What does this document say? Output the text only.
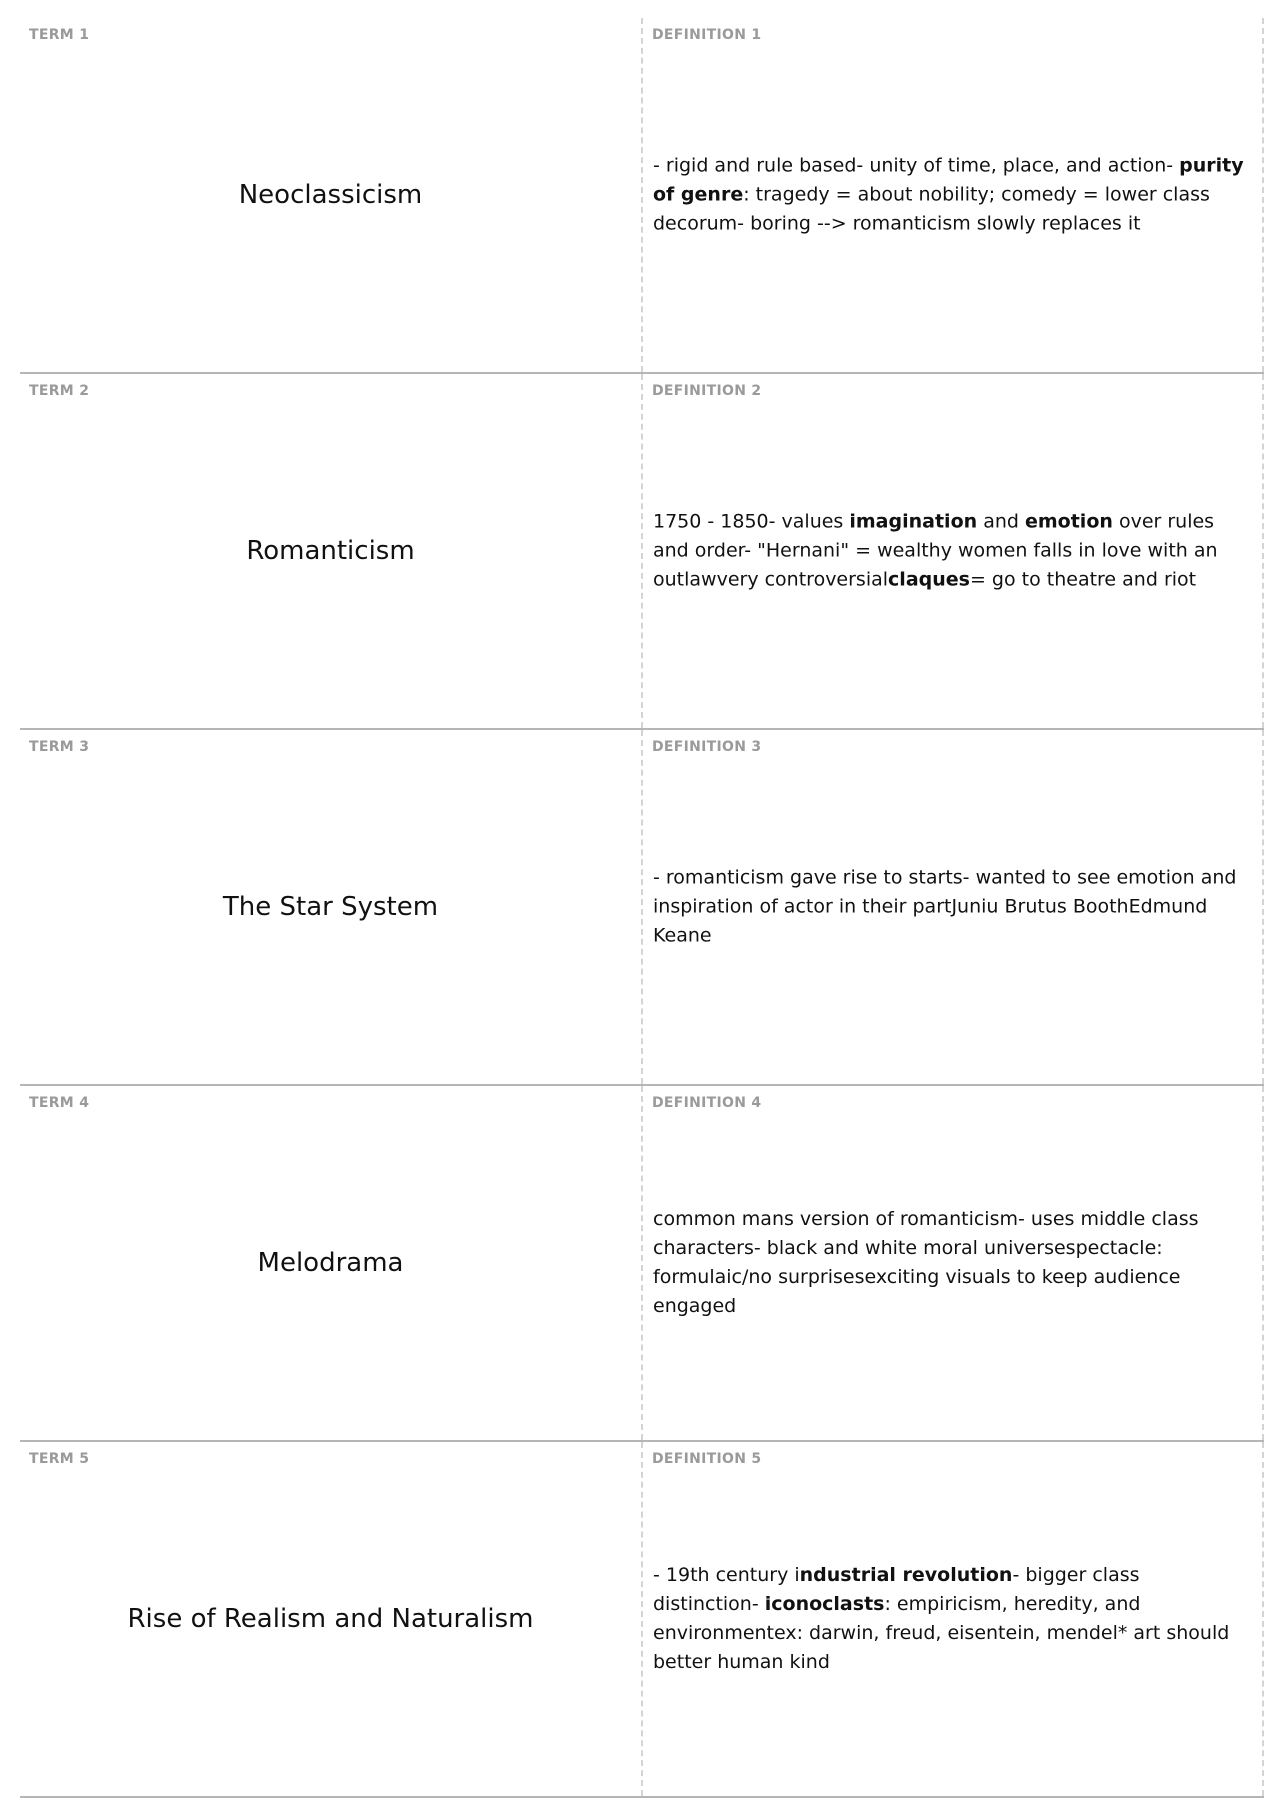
TERM 1
Neoclassicism
DEFINITION 1
- rigid and rule based- unity of time, place, and action- purity of genre: tragedy = about nobility; comedy = lower class decorum- boring --> romanticism slowly replaces it
TERM 2
Romanticism
DEFINITION 2
1750 - 1850- values imagination and emotion over rules and order- "Hernani" = wealthy women falls in love with an outlawvery controversialclaques= go to theatre and riot
TERM 3
The Star System
DEFINITION 3
- romanticism gave rise to starts- wanted to see emotion and inspiration of actor in their partJuniu Brutus BoothEdmund Keane
TERM 4
Melodrama
DEFINITION 4
common mans version of romanticism- uses middle class characters- black and white moral universespectacle: formulaic/no surprisesexciting visuals to keep audience engaged
TERM 5
Rise of Realism and Naturalism
DEFINITION 5
- 19th century industrial revolution- bigger class distinction- iconoclasts: empiricism, heredity, and environmentex: darwin, freud, eisentein, mendel* art should better human kind
